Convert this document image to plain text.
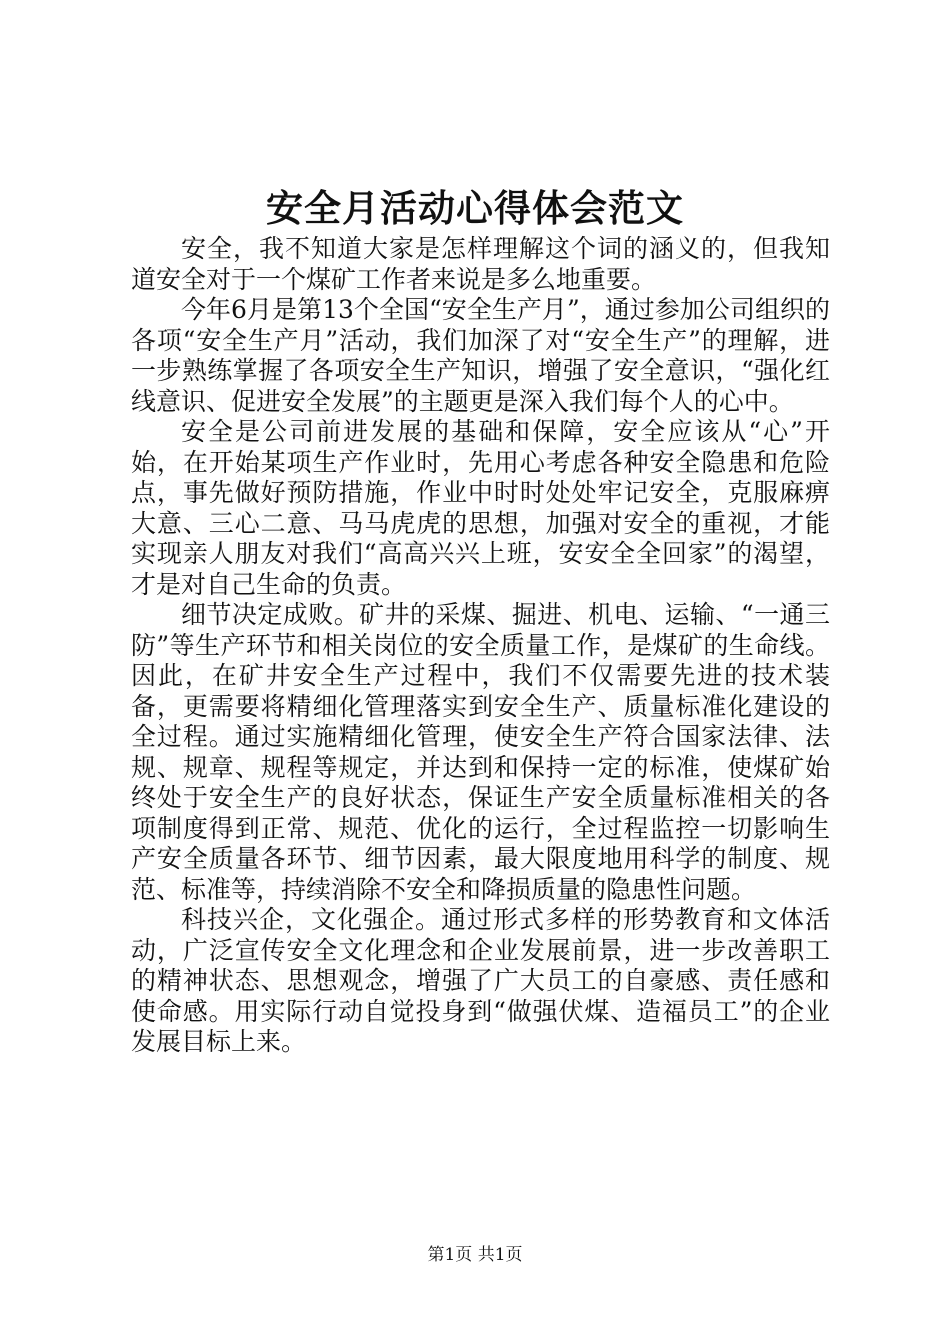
安全月活动心得体会范文

安全，我不知道大家是怎样理解这个词的涵义的，但我知道安全对于一个煤矿工作者来说是多么地重要。

今年6月是第13个全国“安全生产月”，通过参加公司组织的各项“安全生产月”活动，我们加深了对“安全生产”的理解，进一步熟练掌握了各项安全生产知识，增强了安全意识，“强化红线意识、促进安全发展”的主题更是深入我们每个人的心中。

安全是公司前进发展的基础和保障，安全应该从“心”开始，在开始某项生产作业时，先用心考虑各种安全隐患和危险点，事先做好预防措施，作业中时时处处牢记安全，克服麻痹大意、三心二意、马马虎虎的思想，加强对安全的重视，才能实现亲人朋友对我们“高高兴兴上班，安安全全回家”的渴望，才是对自己生命的负责。

细节决定成败。矿井的采煤、掘进、机电、运输、“一通三防”等生产环节和相关岗位的安全质量工作，是煤矿的生命线。因此，在矿井安全生产过程中，我们不仅需要先进的技术装备，更需要将精细化管理落实到安全生产、质量标准化建设的全过程。通过实施精细化管理，使安全生产符合国家法律、法规、规章、规程等规定，并达到和保持一定的标准，使煤矿始终处于安全生产的良好状态，保证生产安全质量标准相关的各项制度得到正常、规范、优化的运行，全过程监控一切影响生产安全质量各环节、细节因素，最大限度地用科学的制度、规范、标准等，持续消除不安全和降损质量的隐患性问题。

科技兴企，文化强企。通过形式多样的形势教育和文体活动，广泛宣传安全文化理念和企业发展前景，进一步改善职工的精神状态、思想观念，增强了广大员工的自豪感、责任感和使命感。用实际行动自觉投身到“做强伏煤、造福员工”的企业发展目标上来。

第1页 共1页
